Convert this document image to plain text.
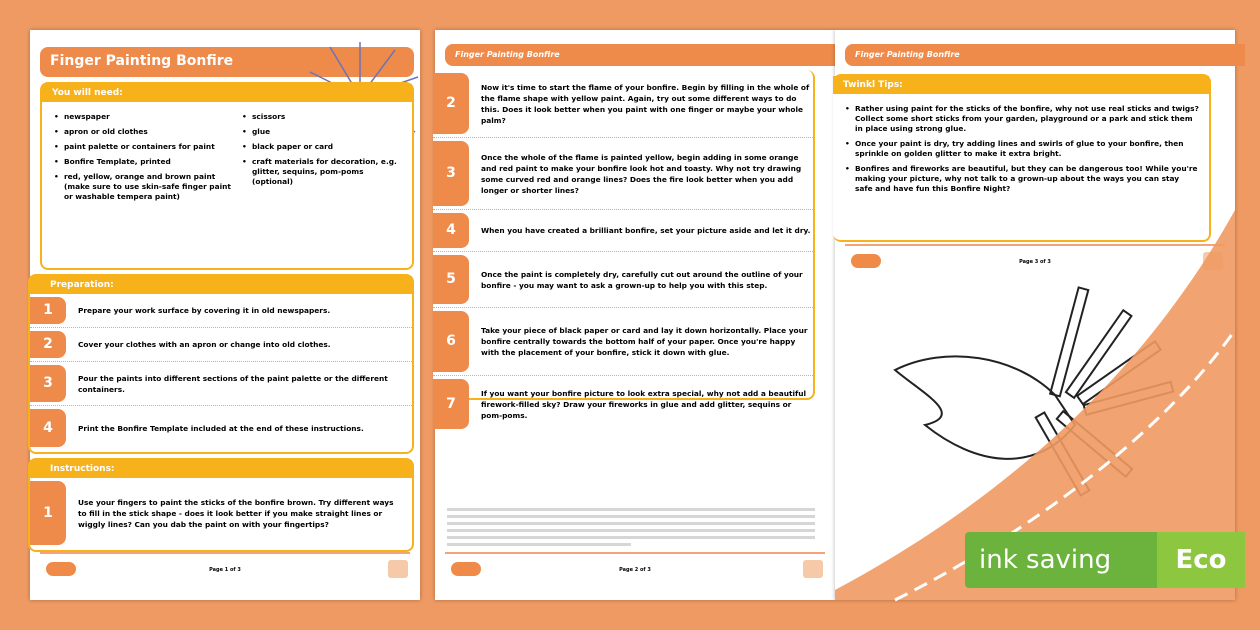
Finger Painting Bonfire
You will need:
• newspaper
• apron or old clothes
• paint palette or containers for paint
• Bonfire Template, printed
• red, yellow, orange and brown paint (make sure to use skin-safe finger paint or washable tempera paint)
• scissors
• glue
• black paper or card
• craft materials for decoration, e.g. glitter, sequins, pom-poms (optional)
Preparation:
1	Prepare your work surface by covering it in old newspapers.
2	Cover your clothes with an apron or change into old clothes.
3	Pour the paints into different sections of the paint palette or the different containers.
4	Print the Bonfire Template included at the end of these instructions.
Instructions:
1
Use your fingers to paint the sticks of the bonfire brown. Try different ways to fill in the stick shape - does it look better if you make straight lines or wiggly lines? Can you dab the paint on with your fingertips?
Page 1 of 3
Finger Painting Bonfire
2
Now it's time to start the flame of your bonfire. Begin by filling in the whole of the flame shape with yellow paint. Again, try out some different ways to do this. Does it look better when you paint with one finger or maybe your whole palm?
3
Once the whole of the flame is painted yellow, begin adding in some orange and red paint to make your bonfire look hot and toasty. Why not try drawing some curved red and orange lines? Does the fire look better when you add longer or shorter lines?
4	When you have created a brilliant bonfire, set your picture aside and let it dry.
5	Once the paint is completely dry, carefully cut out around the outline of your bonfire - you may want to ask a grown-up to help you with this step.
6
Take your piece of black paper or card and lay it down horizontally. Place your bonfire centrally towards the bottom half of your paper. Once you're happy with the placement of your bonfire, stick it down with glue.
7
If you want your bonfire picture to look extra special, why not add a beautiful firework-filled sky? Draw your fireworks in glue and add glitter, sequins or pom-poms.
Page 2 of 3
Finger Painting Bonfire
Twinkl Tips:
• Rather using paint for the sticks of the bonfire, why not use real sticks and twigs? Collect some short sticks from your garden, playground or a park and stick them in place using strong glue.
• Once your paint is dry, try adding lines and swirls of glue to your bonfire, then sprinkle on golden glitter to make it extra bright.
• Bonfires and fireworks are beautiful, but they can be dangerous too! While you're making your picture, why not talk to a grown-up about the ways you can stay safe and have fun this Bonfire Night?
Page 3 of 3
ink saving	Eco
